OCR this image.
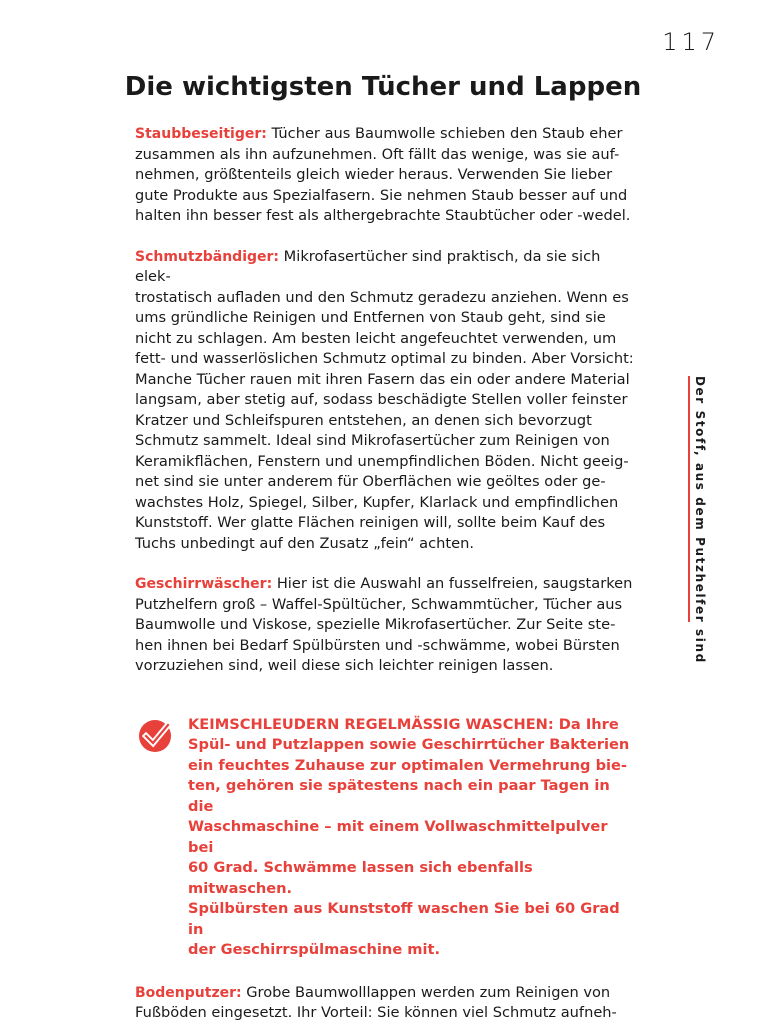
117
Die wichtigsten Tücher und Lappen

Staubbeseitiger: Tücher aus Baumwolle schieben den Staub eher
zusammen als ihn aufzunehmen. Oft fällt das wenige, was sie auf-
nehmen, größtenteils gleich wieder heraus. Verwenden Sie lieber
gute Produkte aus Spezialfasern. Sie nehmen Staub besser auf und
halten ihn besser fest als althergebrachte Staubtücher oder -wedel.

Schmutzbändiger: Mikrofasertücher sind praktisch, da sie sich elek-
trostatisch aufladen und den Schmutz geradezu anziehen. Wenn es
ums gründliche Reinigen und Entfernen von Staub geht, sind sie
nicht zu schlagen. Am besten leicht angefeuchtet verwenden, um
fett- und wasserlöslichen Schmutz optimal zu binden. Aber Vorsicht:
Manche Tücher rauen mit ihren Fasern das ein oder andere Material
langsam, aber stetig auf, sodass beschädigte Stellen voller feinster
Kratzer und Schleifspuren entstehen, an denen sich bevorzugt
Schmutz sammelt. Ideal sind Mikrofasertücher zum Reinigen von
Keramikflächen, Fenstern und unempfindlichen Böden. Nicht geeig-
net sind sie unter anderem für Oberflächen wie geöltes oder ge-
wachstes Holz, Spiegel, Silber, Kupfer, Klarlack und empfindlichen
Kunststoff. Wer glatte Flächen reinigen will, sollte beim Kauf des
Tuchs unbedingt auf den Zusatz „fein“ achten.

Geschirrwäscher: Hier ist die Auswahl an fusselfreien, saugstarken
Putzhelfern groß – Waffel-Spültücher, Schwammtücher, Tücher aus
Baumwolle und Viskose, spezielle Mikrofasertücher. Zur Seite ste-
hen ihnen bei Bedarf Spülbürsten und -schwämme, wobei Bürsten
vorzuziehen sind, weil diese sich leichter reinigen lassen.

KEIMSCHLEUDERN REGELMÄSSIG WASCHEN: Da Ihre
Spül- und Putzlappen sowie Geschirrtücher Bakterien
ein feuchtes Zuhause zur optimalen Vermehrung bie-
ten, gehören sie spätestens nach ein paar Tagen in die
Waschmaschine – mit einem Vollwaschmittelpulver bei
60 Grad. Schwämme lassen sich ebenfalls mitwaschen.
Spülbürsten aus Kunststoff waschen Sie bei 60 Grad in
der Geschirrspülmaschine mit.

Bodenputzer: Grobe Baumwolllappen werden zum Reinigen von
Fußböden eingesetzt. Ihr Vorteil: Sie können viel Schmutz aufneh-

Der Stoff, aus dem Putzhelfer sind
